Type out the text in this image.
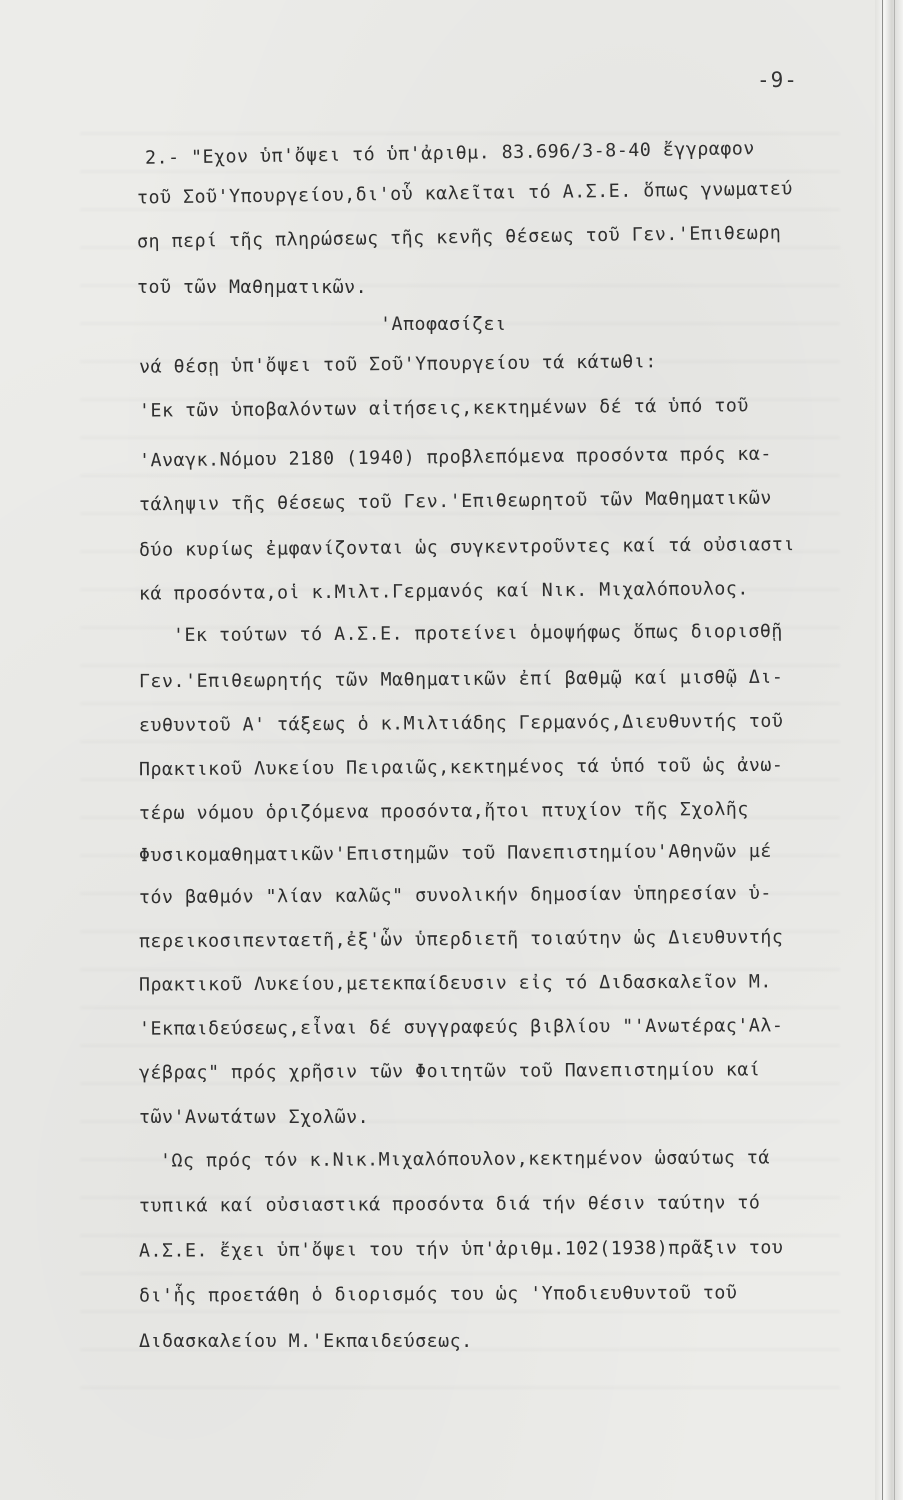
-9-
2.- "Εχον ὑπ'ὄψει τό ὑπ'ἀριθμ. 83.696/3-8-40 ἔγγραφον
τοῦ Σοῦ'Υπουργείου,δι'οὗ καλεῖται τό Α.Σ.Ε. ὅπως γνωματεύ
ση περί τῆς πληρώσεως τῆς κενῆς θέσεως τοῦ Γεν.'Επιθεωρη
τοῦ τῶν Μαθηματικῶν.
'Αποφασίζει
νά θέσῃ ὑπ'ὄψει τοῦ Σοῦ'Υπουργείου τά κάτωθι:
'Εκ τῶν ὑποβαλόντων αἰτήσεις,κεκτημένων δέ τά ὑπό τοῦ
'Αναγκ.Νόμου 2180 (1940) προβλεπόμενα προσόντα πρός κα-
τάληψιν τῆς θέσεως τοῦ Γεν.'Επιθεωρητοῦ τῶν Μαθηματικῶν
δύο κυρίως ἐμφανίζονται ὡς συγκεντροῦντες καί τά οὐσιαστι
κά προσόντα,οἱ κ.Μιλτ.Γερμανός καί Νικ. Μιχαλόπουλος.
'Εκ τούτων τό Α.Σ.Ε. προτείνει ὁμοψήφως ὅπως διορισθῇ
Γεν.'Επιθεωρητής τῶν Μαθηματικῶν ἐπί βαθμῷ καί μισθῷ Δι-
ευθυντοῦ Α' τάξεως ὁ κ.Μιλτιάδης Γερμανός,Διευθυντής τοῦ
Πρακτικοῦ Λυκείου Πειραιῶς,κεκτημένος τά ὑπό τοῦ ὡς ἀνω-
τέρω νόμου ὁριζόμενα προσόντα,ἤτοι πτυχίον τῆς Σχολῆς
Φυσικομαθηματικῶν'Επιστημῶν τοῦ Πανεπιστημίου'Αθηνῶν μέ
τόν βαθμόν "λίαν καλῶς" συνολικήν δημοσίαν ὑπηρεσίαν ὑ-
περεικοσιπενταετῆ,ἐξ'ὧν ὑπερδιετῆ τοιαύτην ὡς Διευθυντής
Πρακτικοῦ Λυκείου,μετεκπαίδευσιν εἰς τό Διδασκαλεῖον Μ.
'Εκπαιδεύσεως,εἶναι δέ συγγραφεύς βιβλίου "'Ανωτέρας'Αλ-
γέβρας" πρός χρῆσιν τῶν Φοιτητῶν τοῦ Πανεπιστημίου καί
τῶν'Ανωτάτων Σχολῶν.
'Ως πρός τόν κ.Νικ.Μιχαλόπουλον,κεκτημένον ὡσαύτως τά
τυπικά καί οὐσιαστικά προσόντα διά τήν θέσιν ταύτην τό
Α.Σ.Ε. ἔχει ὑπ'ὄψει του τήν ὑπ'ἀριθμ.102(1938)πρᾶξιν του
δι'ἧς προετάθη ὁ διορισμός του ὡς 'Υποδιευθυντοῦ τοῦ
Διδασκαλείου Μ.'Εκπαιδεύσεως.
